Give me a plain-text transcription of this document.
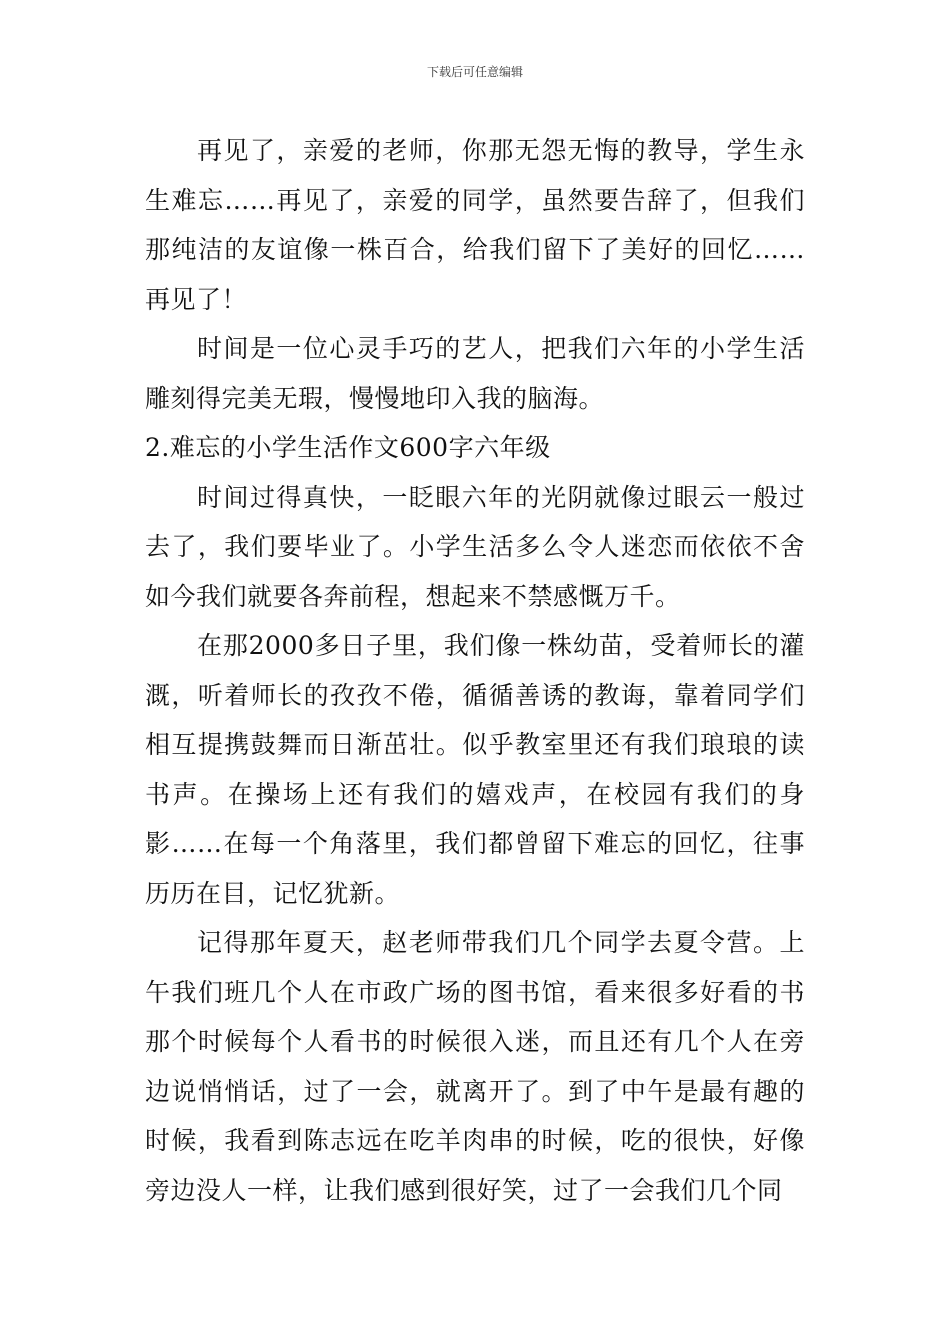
下载后可任意编辑

再见了，亲爱的老师，你那无怨无悔的教导，学生永生难忘……再见了，亲爱的同学，虽然要告辞了，但我们那纯洁的友谊像一株百合，给我们留下了美好的回忆……再见了！

时间是一位心灵手巧的艺人，把我们六年的小学生活雕刻得完美无瑕，慢慢地印入我的脑海。

2.难忘的小学生活作文600字六年级

时间过得真快，一眨眼六年的光阴就像过眼云一般过去了，我们要毕业了。小学生活多么令人迷恋而依依不舍如今我们就要各奔前程，想起来不禁感慨万千。

在那2000多日子里，我们像一株幼苗，受着师长的灌溉，听着师长的孜孜不倦，循循善诱的教诲，靠着同学们相互提携鼓舞而日渐茁壮。似乎教室里还有我们琅琅的读书声。在操场上还有我们的嬉戏声，在校园有我们的身影……在每一个角落里，我们都曾留下难忘的回忆，往事历历在目，记忆犹新。

记得那年夏天，赵老师带我们几个同学去夏令营。上午我们班几个人在市政广场的图书馆，看来很多好看的书那个时候每个人看书的时候很入迷，而且还有几个人在旁边说悄悄话，过了一会，就离开了。到了中午是最有趣的时候，我看到陈志远在吃羊肉串的时候，吃的很快，好像旁边没人一样，让我们感到很好笑，过了一会我们几个同
